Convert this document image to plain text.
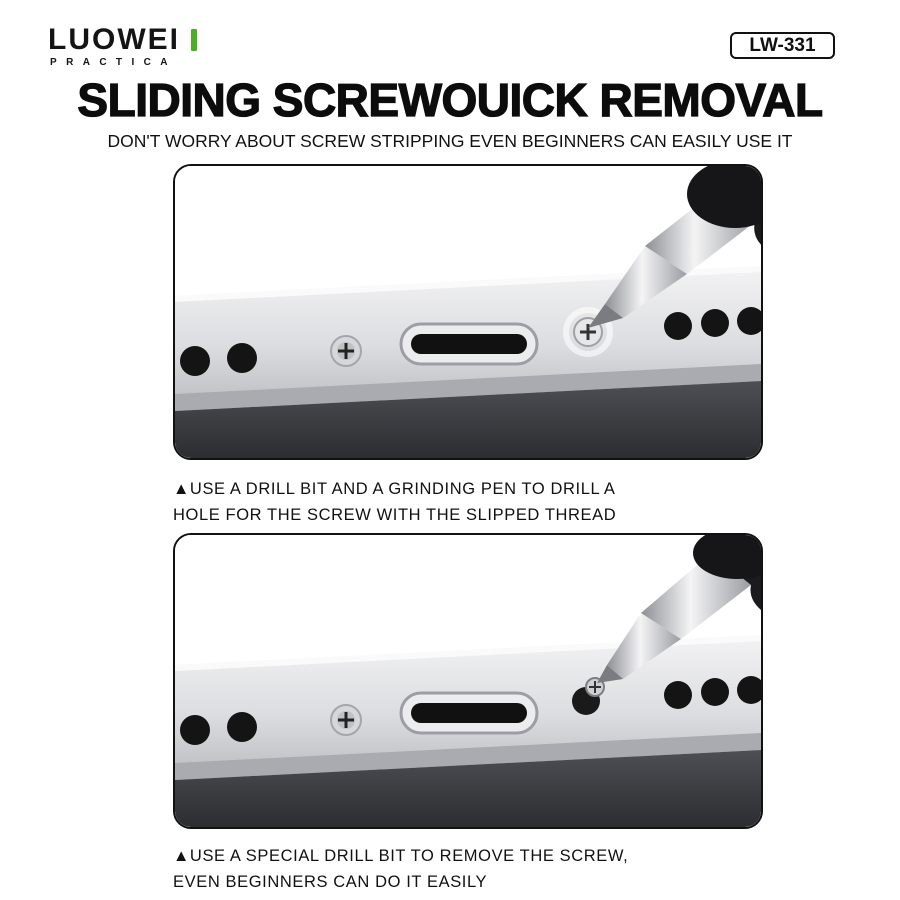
LUOWEI
PRACTICA
LW-331
SLIDING SCREWOUICK REMOVAL
DON'T WORRY ABOUT SCREW STRIPPING EVEN BEGINNERS CAN EASILY USE IT
▲USE A DRILL BIT AND A GRINDING PEN TO DRILL A
HOLE FOR THE SCREW WITH THE SLIPPED THREAD
▲USE A SPECIAL DRILL BIT TO REMOVE THE SCREW,
EVEN BEGINNERS CAN DO IT EASILY
